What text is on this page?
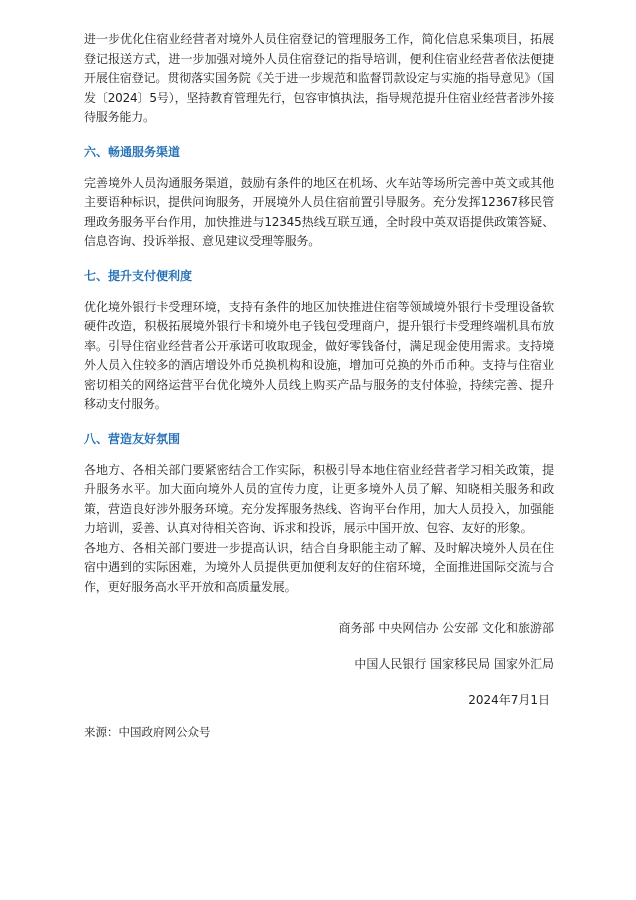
进一步优化住宿业经营者对境外人员住宿登记的管理服务工作，简化信息采集项目，拓展登记报送方式，进一步加强对境外人员住宿登记的指导培训，便利住宿业经营者依法便捷开展住宿登记。贯彻落实国务院《关于进一步规范和监督罚款设定与实施的指导意见》（国发〔2024〕5号），坚持教育管理先行，包容审慎执法，指导规范提升住宿业经营者涉外接待服务能力。

六、畅通服务渠道

完善境外人员沟通服务渠道，鼓励有条件的地区在机场、火车站等场所完善中英文或其他主要语种标识，提供问询服务，开展境外人员住宿前置引导服务。充分发挥12367移民管理政务服务平台作用，加快推进与12345热线互联互通，全时段中英双语提供政策答疑、信息咨询、投诉举报、意见建议受理等服务。

七、提升支付便利度

优化境外银行卡受理环境，支持有条件的地区加快推进住宿等领域境外银行卡受理设备软硬件改造，积极拓展境外银行卡和境外电子钱包受理商户，提升银行卡受理终端机具布放率。引导住宿业经营者公开承诺可收取现金，做好零钱备付，满足现金使用需求。支持境外人员入住较多的酒店增设外币兑换机构和设施，增加可兑换的外币币种。支持与住宿业密切相关的网络运营平台优化境外人员线上购买产品与服务的支付体验，持续完善、提升移动支付服务。

八、营造友好氛围

各地方、各相关部门要紧密结合工作实际，积极引导本地住宿业经营者学习相关政策，提升服务水平。加大面向境外人员的宣传力度，让更多境外人员了解、知晓相关服务和政策，营造良好涉外服务环境。充分发挥服务热线、咨询平台作用，加大人员投入，加强能力培训，妥善、认真对待相关咨询、诉求和投诉，展示中国开放、包容、友好的形象。

各地方、各相关部门要进一步提高认识，结合自身职能主动了解、及时解决境外人员在住宿中遇到的实际困难，为境外人员提供更加便利友好的住宿环境，全面推进国际交流与合作，更好服务高水平开放和高质量发展。

商务部 中央网信办 公安部 文化和旅游部

中国人民银行 国家移民局 国家外汇局

2024年7月1日

来源：中国政府网公众号
